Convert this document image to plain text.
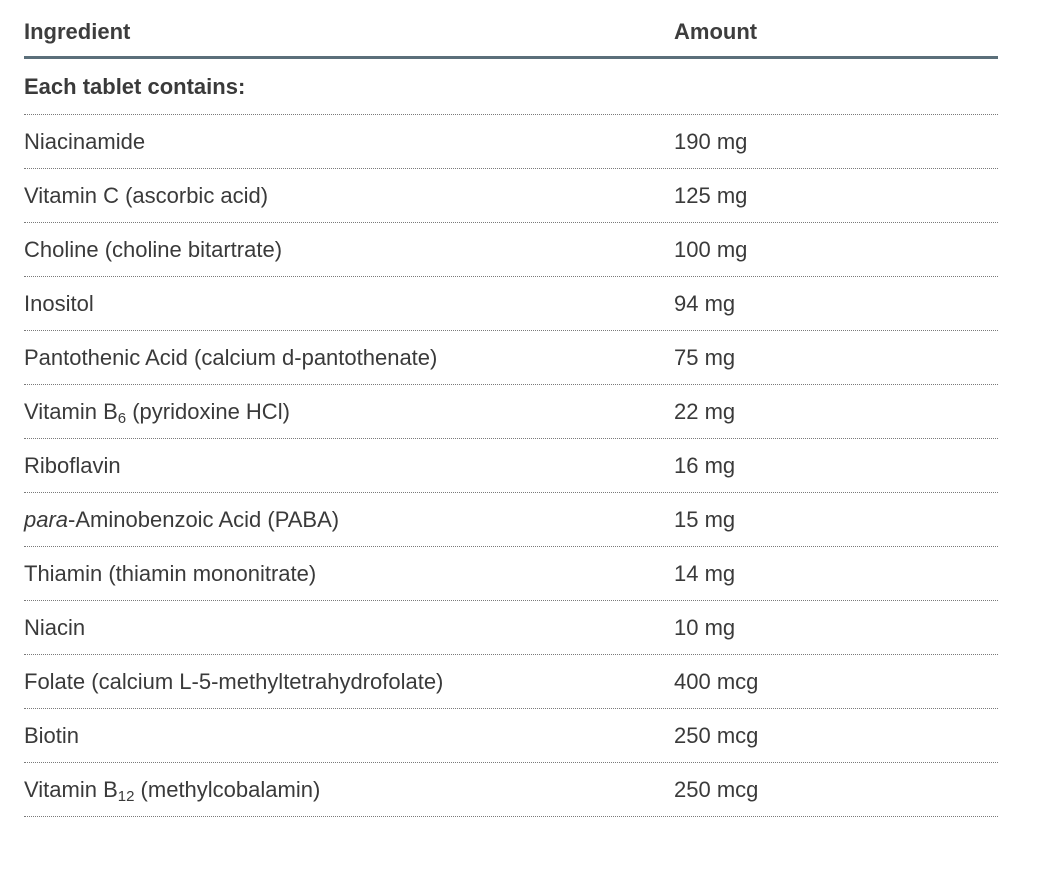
Ingredient	Amount
Each tablet contains:
Niacinamide	190 mg
Vitamin C (ascorbic acid)	125 mg
Choline (choline bitartrate)	100 mg
Inositol	94 mg
Pantothenic Acid (calcium d-pantothenate)	75 mg
Vitamin $B_6$ (pyridoxine HCl)	22 mg
Riboflavin	16 mg
para-Aminobenzoic Acid (PABA)	15 mg
Thiamin (thiamin mononitrate)	14 mg
Niacin	10 mg
Folate (calcium L-5-methyltetrahydrofolate)	400 mcg
Biotin	250 mcg
Vitamin $B_{12}$ (methylcobalamin)	250 mcg
